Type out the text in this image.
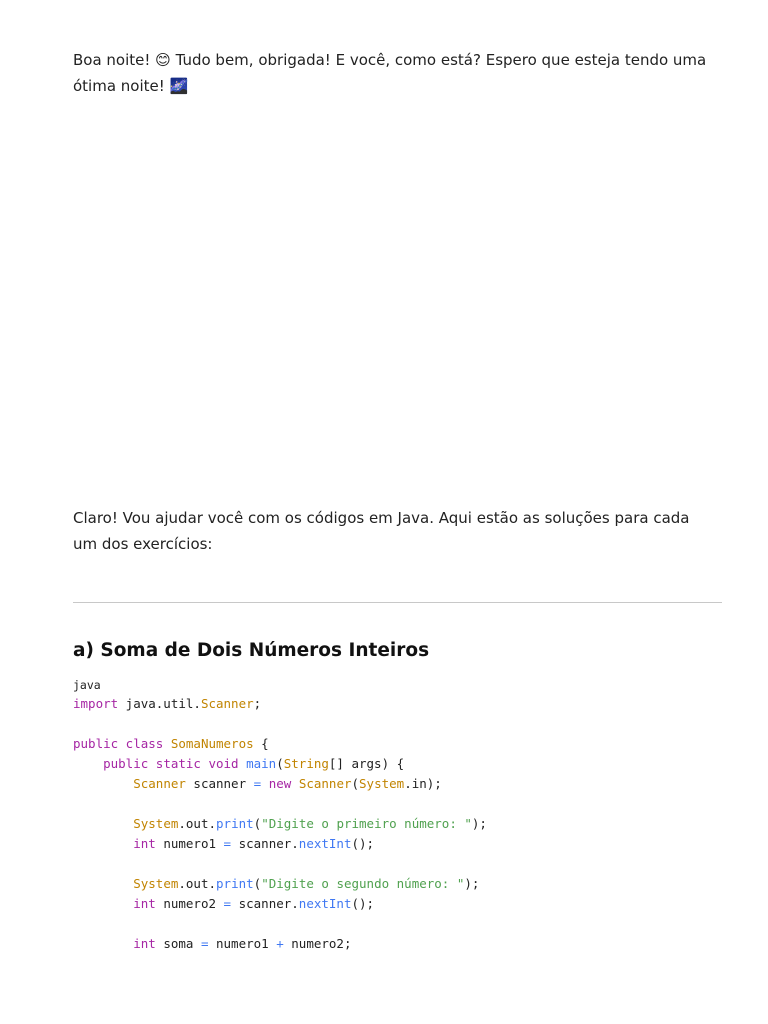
Boa noite! 😊 Tudo bem, obrigada! E você, como está? Espero que esteja tendo uma ótima noite! 🌌

Claro! Vou ajudar você com os códigos em Java. Aqui estão as soluções para cada um dos exercícios:

a) Soma de Dois Números Inteiros
java
import java.util.Scanner;

public class SomaNumeros {
public static void main(String[] args) {
Scanner scanner = new Scanner(System.in);

System.out.print("Digite o primeiro número: ");
int numero1 = scanner.nextInt();

System.out.print("Digite o segundo número: ");
int numero2 = scanner.nextInt();

int soma = numero1 + numero2;
